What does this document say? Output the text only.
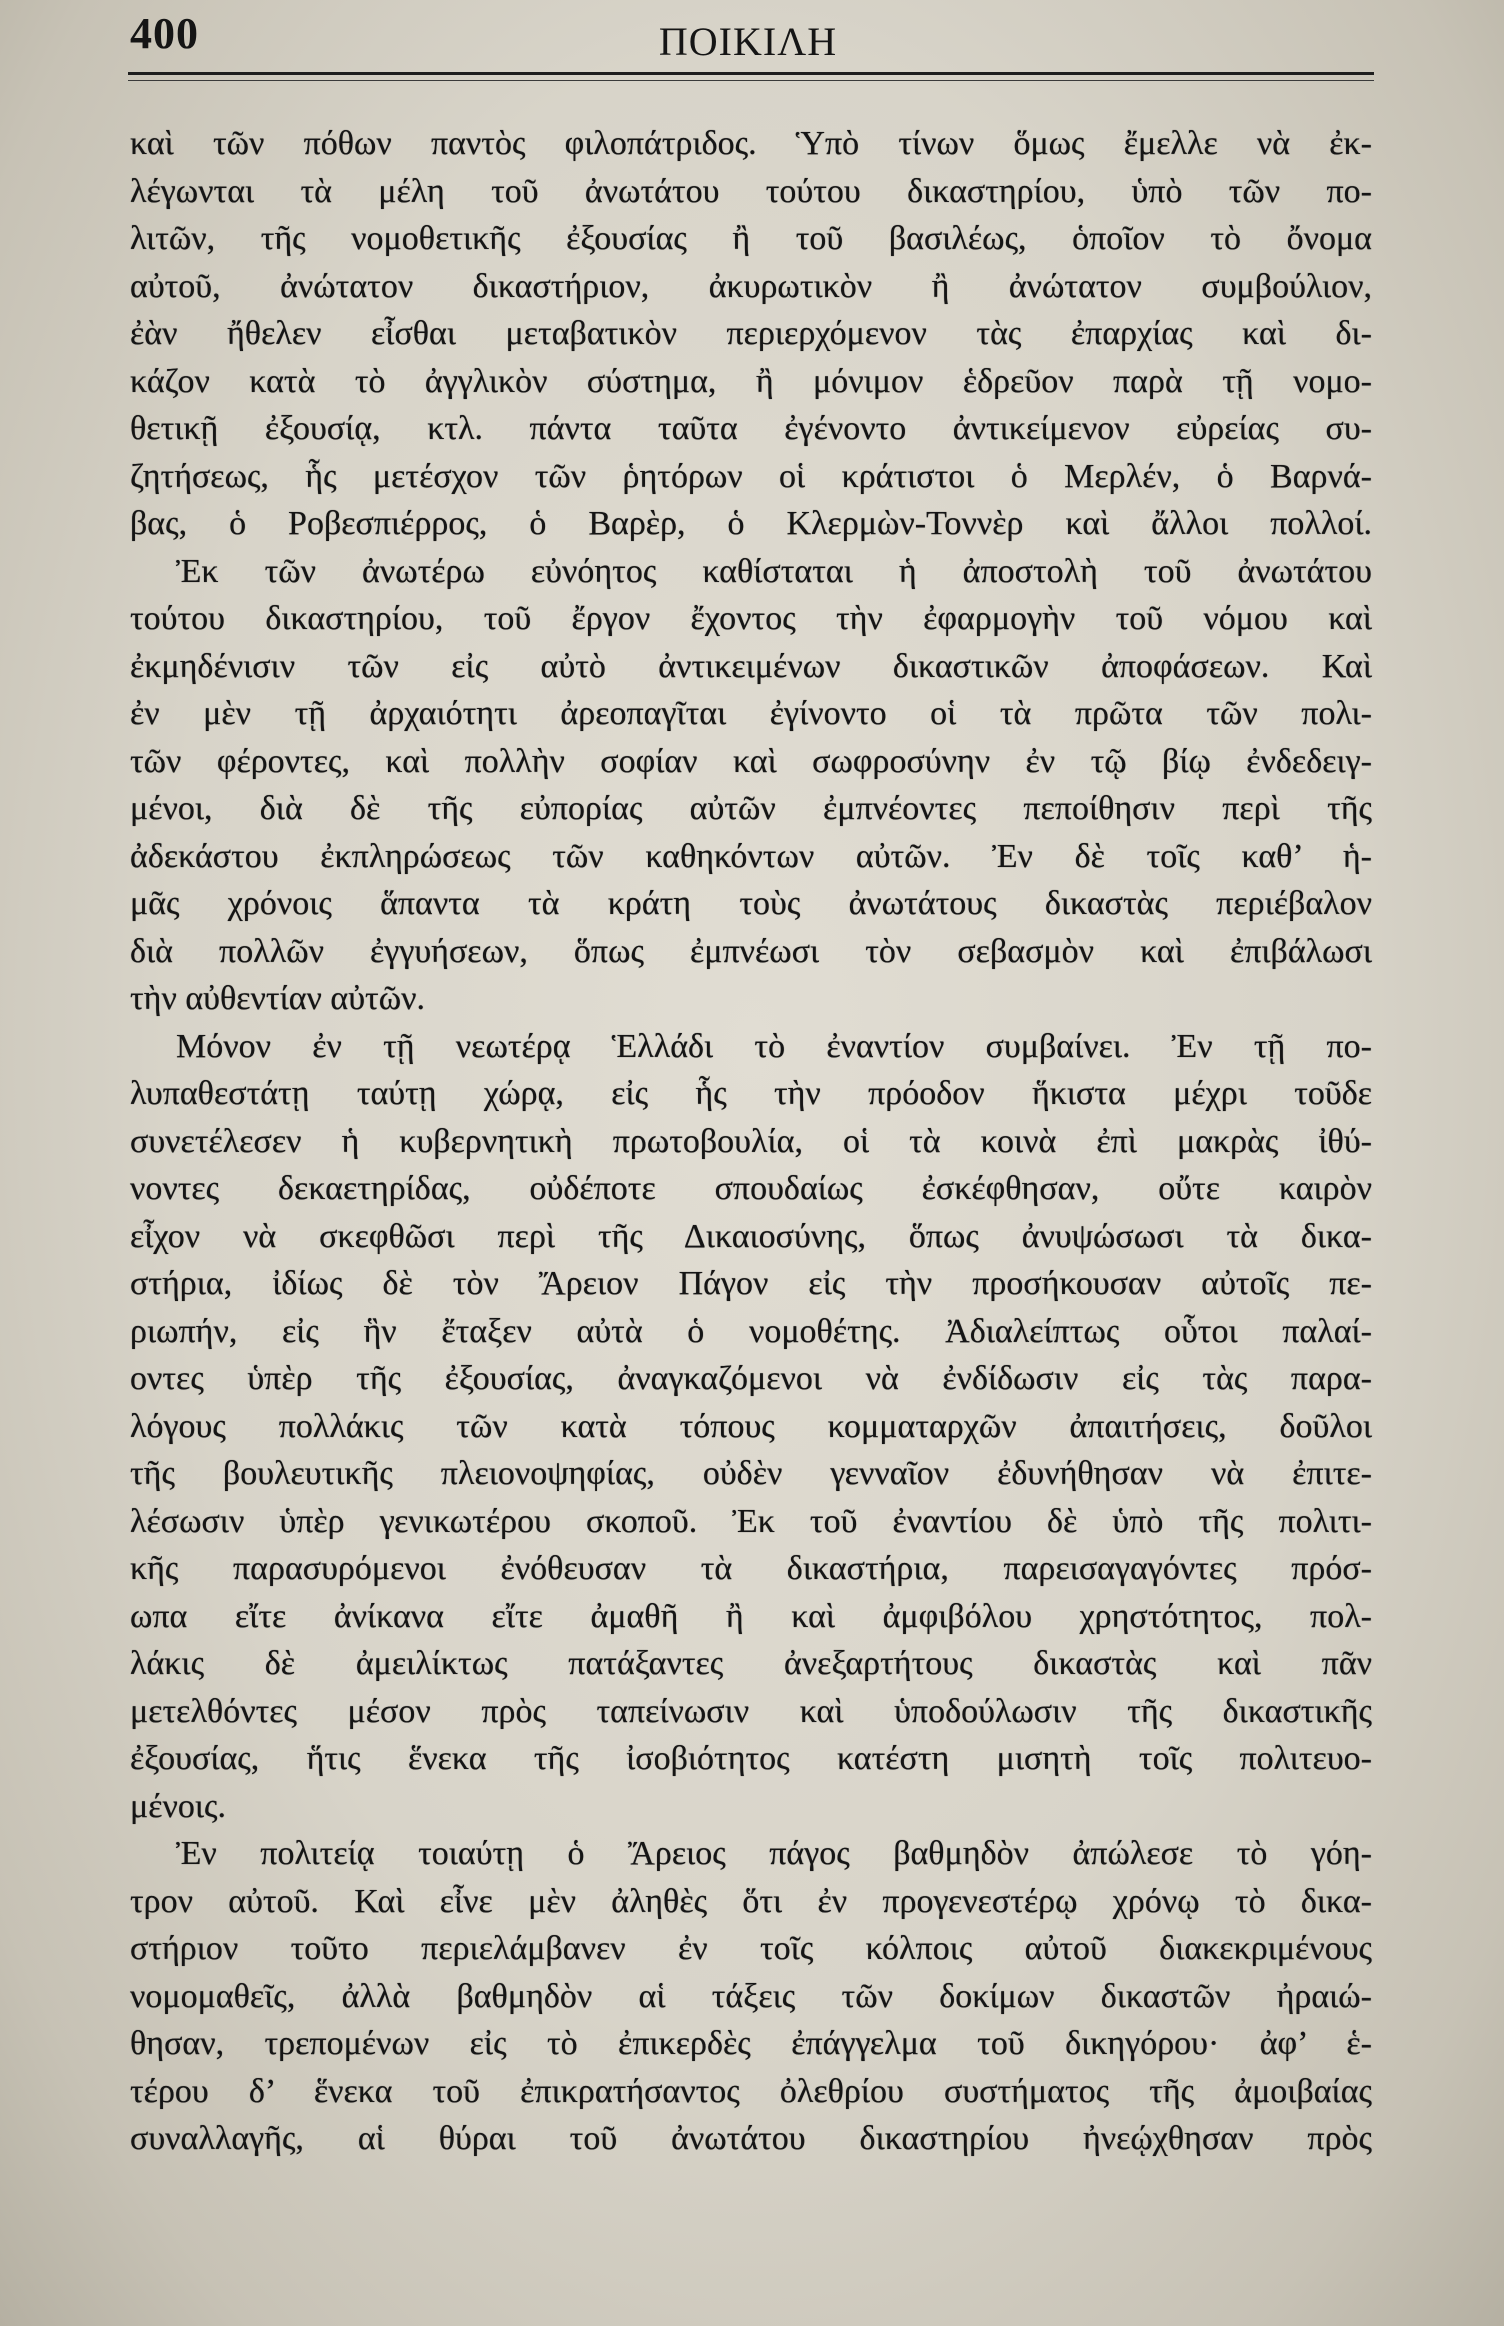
400	ΠΟΙΚΙΛΗ
καὶ τῶν πόθων παντὸς φιλοπάτριδος. Ὑπὸ τίνων ὅμως ἔμελλε νὰ ἐκ-
λέγωνται τὰ μέλη τοῦ ἀνωτάτου τούτου δικαστηρίου, ὑπὸ τῶν πο-
λιτῶν, τῆς νομοθετικῆς ἐξουσίας ἢ τοῦ βασιλέως, ὁποῖον τὸ ὄνομα
αὐτοῦ, ἀνώτατον δικαστήριον, ἀκυρωτικὸν ἢ ἀνώτατον συμβούλιον,
ἐὰν ἤθελεν εἶσθαι μεταβατικὸν περιερχόμενον τὰς ἐπαρχίας καὶ δι-
κάζον κατὰ τὸ ἀγγλικὸν σύστημα, ἢ μόνιμον ἑδρεῦον παρὰ τῇ νομο-
θετικῇ ἐξουσίᾳ, κτλ. πάντα ταῦτα ἐγένοντο ἀντικείμενον εὐρείας συ-
ζητήσεως, ἧς μετέσχον τῶν ῥητόρων οἱ κράτιστοι ὁ Μερλέν, ὁ Βαρνά-
βας, ὁ Ροβεσπιέρρος, ὁ Βαρὲρ, ὁ Κλερμὼν-Τοννὲρ καὶ ἄλλοι πολλοί.
Ἐκ τῶν ἀνωτέρω εὐνόητος καθίσταται ἡ ἀποστολὴ τοῦ ἀνωτάτου
τούτου δικαστηρίου, τοῦ ἔργον ἔχοντος τὴν ἐφαρμογὴν τοῦ νόμου καὶ
ἐκμηδένισιν τῶν εἰς αὐτὸ ἀντικειμένων δικαστικῶν ἀποφάσεων. Καὶ
ἐν μὲν τῇ ἀρχαιότητι ἀρεοπαγῖται ἐγίνοντο οἱ τὰ πρῶτα τῶν πολι-
τῶν φέροντες, καὶ πολλὴν σοφίαν καὶ σωφροσύνην ἐν τῷ βίῳ ἐνδεδειγ-
μένοι, διὰ δὲ τῆς εὐπορίας αὐτῶν ἐμπνέοντες πεποίθησιν περὶ τῆς
ἀδεκάστου ἐκπληρώσεως τῶν καθηκόντων αὐτῶν. Ἐν δὲ τοῖς καθ’ ἡ-
μᾶς χρόνοις ἅπαντα τὰ κράτη τοὺς ἀνωτάτους δικαστὰς περιέβαλον
διὰ πολλῶν ἐγγυήσεων, ὅπως ἐμπνέωσι τὸν σεβασμὸν καὶ ἐπιβάλωσι
τὴν αὐθεντίαν αὐτῶν.
Μόνον ἐν τῇ νεωτέρᾳ Ἑλλάδι τὸ ἐναντίον συμβαίνει. Ἐν τῇ πο-
λυπαθεστάτῃ ταύτῃ χώρᾳ, εἰς ἧς τὴν πρόοδον ἥκιστα μέχρι τοῦδε
συνετέλεσεν ἡ κυβερνητικὴ πρωτοβουλία, οἱ τὰ κοινὰ ἐπὶ μακρὰς ἰθύ-
νοντες δεκαετηρίδας, οὐδέποτε σπουδαίως ἐσκέφθησαν, οὔτε καιρὸν
εἶχον νὰ σκεφθῶσι περὶ τῆς Δικαιοσύνης, ὅπως ἀνυψώσωσι τὰ δικα-
στήρια, ἰδίως δὲ τὸν Ἄρειον Πάγον εἰς τὴν προσήκουσαν αὐτοῖς πε-
ριωπήν, εἰς ἣν ἔταξεν αὐτὰ ὁ νομοθέτης. Ἀδιαλείπτως οὗτοι παλαί-
οντες ὑπὲρ τῆς ἐξουσίας, ἀναγκαζόμενοι νὰ ἐνδίδωσιν εἰς τὰς παρα-
λόγους πολλάκις τῶν κατὰ τόπους κομματαρχῶν ἀπαιτήσεις, δοῦλοι
τῆς βουλευτικῆς πλειονοψηφίας, οὐδὲν γενναῖον ἐδυνήθησαν νὰ ἐπιτε-
λέσωσιν ὑπὲρ γενικωτέρου σκοποῦ. Ἐκ τοῦ ἐναντίου δὲ ὑπὸ τῆς πολιτι-
κῆς παρασυρόμενοι ἐνόθευσαν τὰ δικαστήρια, παρεισαγαγόντες πρόσ-
ωπα εἴτε ἀνίκανα εἴτε ἀμαθῆ ἢ καὶ ἀμφιβόλου χρηστότητος, πολ-
λάκις δὲ ἀμειλίκτως πατάξαντες ἀνεξαρτήτους δικαστὰς καὶ πᾶν
μετελθόντες μέσον πρὸς ταπείνωσιν καὶ ὑποδούλωσιν τῆς δικαστικῆς
ἐξουσίας, ἥτις ἕνεκα τῆς ἰσοβιότητος κατέστη μισητὴ τοῖς πολιτευο-
μένοις.
Ἐν πολιτείᾳ τοιαύτῃ ὁ Ἄρειος πάγος βαθμηδὸν ἀπώλεσε τὸ γόη-
τρον αὐτοῦ. Καὶ εἶνε μὲν ἀληθὲς ὅτι ἐν προγενεστέρῳ χρόνῳ τὸ δικα-
στήριον τοῦτο περιελάμβανεν ἐν τοῖς κόλποις αὐτοῦ διακεκριμένους
νομομαθεῖς, ἀλλὰ βαθμηδὸν αἱ τάξεις τῶν δοκίμων δικαστῶν ἠραιώ-
θησαν, τρεπομένων εἰς τὸ ἐπικερδὲς ἐπάγγελμα τοῦ δικηγόρου· ἀφ’ ἑ-
τέρου δ’ ἕνεκα τοῦ ἐπικρατήσαντος ὀλεθρίου συστήματος τῆς ἀμοιβαίας
συναλλαγῆς, αἱ θύραι τοῦ ἀνωτάτου δικαστηρίου ἠνεῴχθησαν πρὸς
